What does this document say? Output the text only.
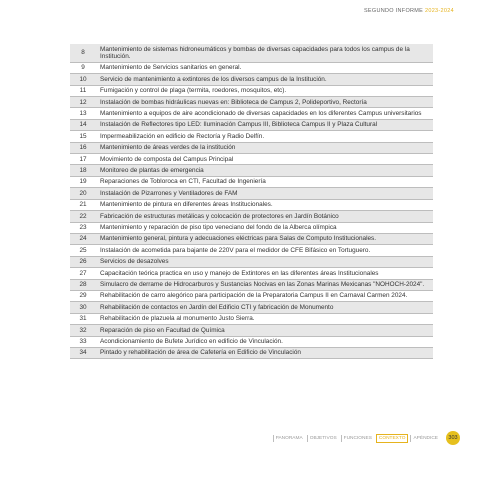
SEGUNDO INFORME 2023-2024
8	Mantenimiento de sistemas hidroneumáticos y bombas de diversas capacidades para todos los campus de la Institución.
9	Mantenimiento de Servicios sanitarios en general.
10	Servicio de mantenimiento a extintores de los diversos campus de la Institución.
11	Fumigación y control de plaga (termita, roedores, mosquitos, etc).
12	Instalación de bombas hidráulicas nuevas en: Biblioteca de Campus 2, Polideportivo, Rectoría
13	Mantenimiento a equipos de aire acondicionado de diversas capacidades en los diferentes Campus universitarios
14	Instalación de Reflectores tipo LED: Iluminación Campus III, Biblioteca Campus II y Plaza Cultural
15	Impermeabilización en edificio de Rectoría y Radio Delfín.
16	Mantenimiento de áreas verdes de la institución
17	Movimiento de composta del Campus Principal
18	Monitoreo de plantas de emergencia
19	Reparaciones de Tobloroca en CTI, Facultad de Ingeniería
20	Instalación de Pizarrones y Ventiladores de FAM
21	Mantenimiento de pintura en diferentes áreas Institucionales.
22	Fabricación de estructuras metálicas y colocación de protectores en Jardín Botánico
23	Mantenimiento y reparación de piso tipo veneciano del fondo de la Alberca olímpica
24	Mantenimiento general, pintura y adecuaciones eléctricas para Salas de Computo Institucionales.
25	Instalación de acometida para bajante de 220V para el medidor de CFE Bifásico en Tortuguero.
26	Servicios de desazolves
27	Capacitación teórica practica en uso y manejo de Extintores en las diferentes áreas Institucionales
28	Simulacro de derrame de Hidrocarburos y Sustancias Nocivas en las Zonas Marinas Mexicanas "NOHOCH-2024".
29	Rehabilitación de carro alegórico para participación de la Preparatoria Campus II en Carnaval Carmen 2024.
30	Rehabilitación de contactos en Jardín del Edificio CTI y fabricación de Monumento
31	Rehabilitación de plazuela al monumento Justo Sierra.
32	Reparación de piso en Facultad de Química
33	Acondicionamiento de Bufete Jurídico en edificio de Vinculación.
34	Pintado y rehabilitación de área de Cafetería en Edificio de Vinculación
PANORAMA	OBJETIVOS	FUNCIONES	CONTEXTO	APÉNDICE	303
